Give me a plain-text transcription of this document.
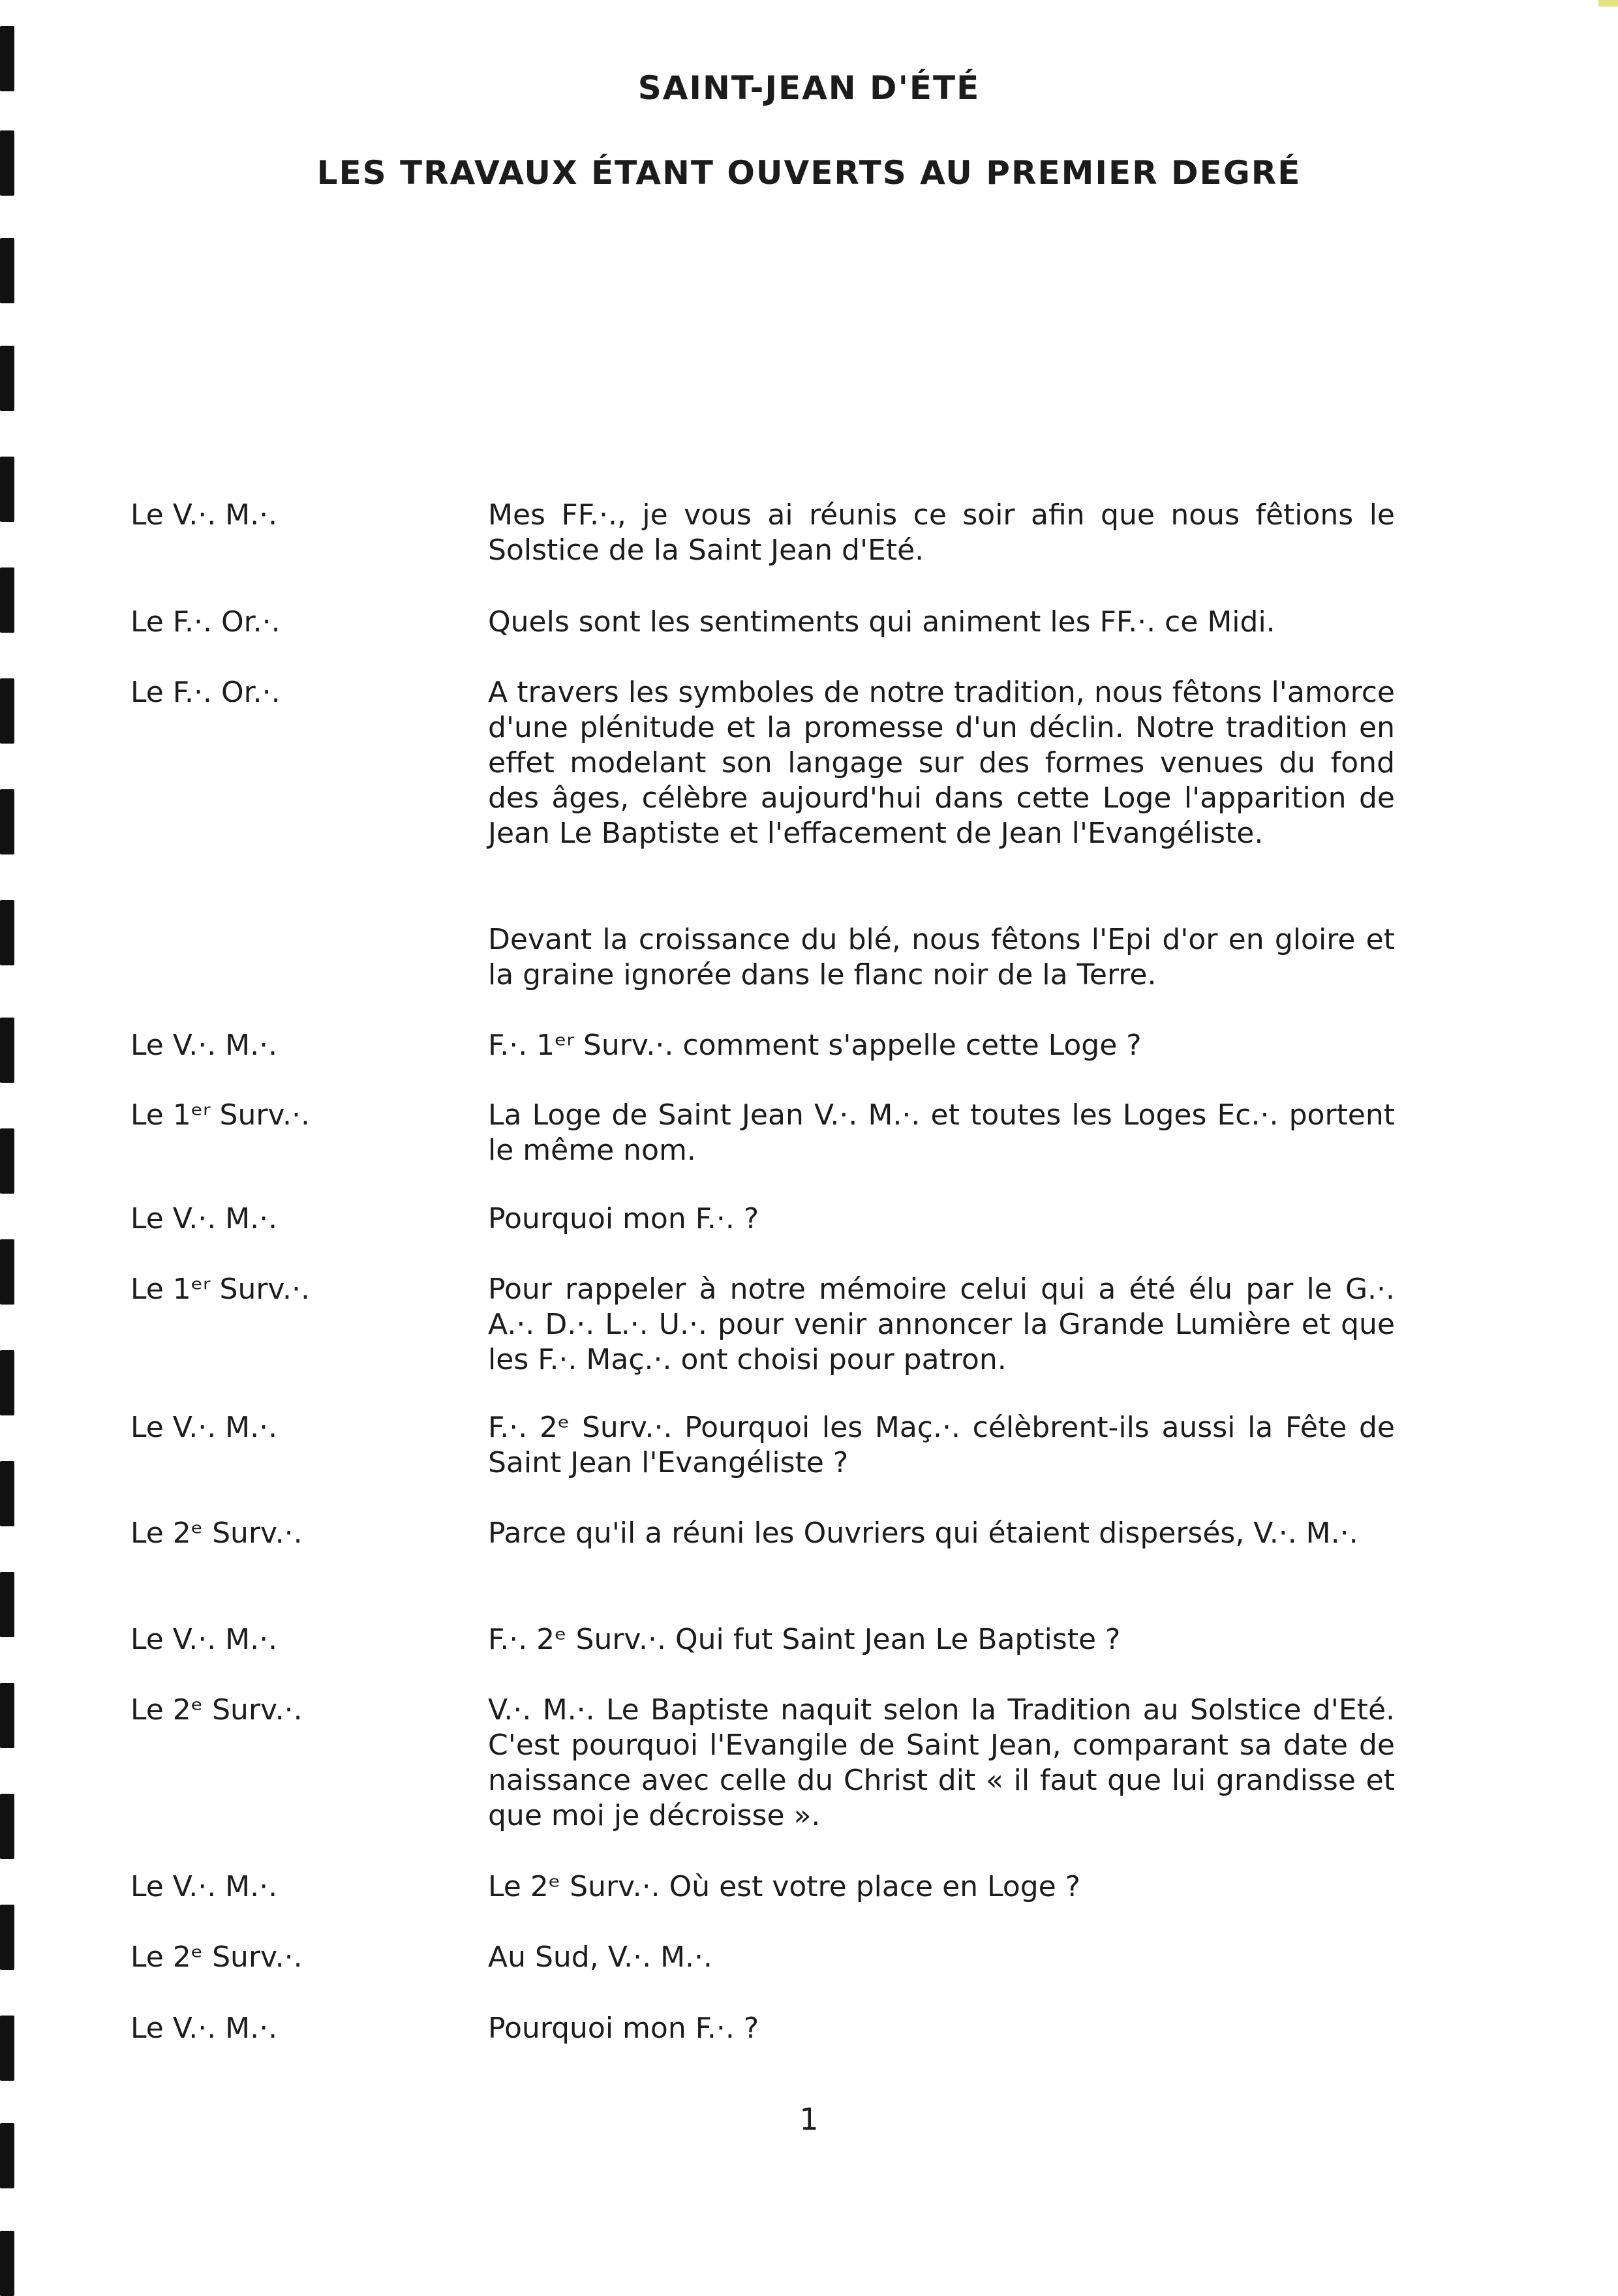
SAINT-JEAN D'ÉTÉ
LES TRAVAUX ÉTANT OUVERTS AU PREMIER DEGRÉ
Le V.·. M.·.	Mes FF.·., je vous ai réunis ce soir afin que nous fêtions le Solstice de la Saint Jean d'Eté.
Le F.·. Or.·.	Quels sont les sentiments qui animent les FF.·. ce Midi.
Le F.·. Or.·.	A travers les symboles de notre tradition, nous fêtons l'amorce d'une plénitude et la promesse d'un déclin. Notre tradition en effet modelant son langage sur des formes venues du fond des âges, célèbre aujourd'hui dans cette Loge l'apparition de Jean Le Baptiste et l'effacement de Jean l'Evangéliste.
Devant la croissance du blé, nous fêtons l'Epi d'or en gloire et la graine ignorée dans le flanc noir de la Terre.
Le V.·. M.·.	F.·. 1ᵉʳ Surv.·. comment s'appelle cette Loge ?
Le 1ᵉʳ Surv.·.	La Loge de Saint Jean V.·. M.·. et toutes les Loges Ec.·. portent le même nom.
Le V.·. M.·.	Pourquoi mon F.·. ?
Le 1ᵉʳ Surv.·.	Pour rappeler à notre mémoire celui qui a été élu par le G.·. A.·. D.·. L.·. U.·. pour venir annoncer la Grande Lumière et que les F.·. Maç.·. ont choisi pour patron.
Le V.·. M.·.	F.·. 2ᵉ Surv.·. Pourquoi les Maç.·. célèbrent-ils aussi la Fête de Saint Jean l'Evangéliste ?
Le 2ᵉ Surv.·.	Parce qu'il a réuni les Ouvriers qui étaient dispersés, V.·. M.·.
Le V.·. M.·.	F.·. 2ᵉ Surv.·. Qui fut Saint Jean Le Baptiste ?
Le 2ᵉ Surv.·.	V.·. M.·. Le Baptiste naquit selon la Tradition au Solstice d'Eté. C'est pourquoi l'Evangile de Saint Jean, comparant sa date de naissance avec celle du Christ dit « il faut que lui grandisse et que moi je décroisse ».
Le V.·. M.·.	Le 2ᵉ Surv.·. Où est votre place en Loge ?
Le 2ᵉ Surv.·.	Au Sud, V.·. M.·.
Le V.·. M.·.	Pourquoi mon F.·. ?
1
